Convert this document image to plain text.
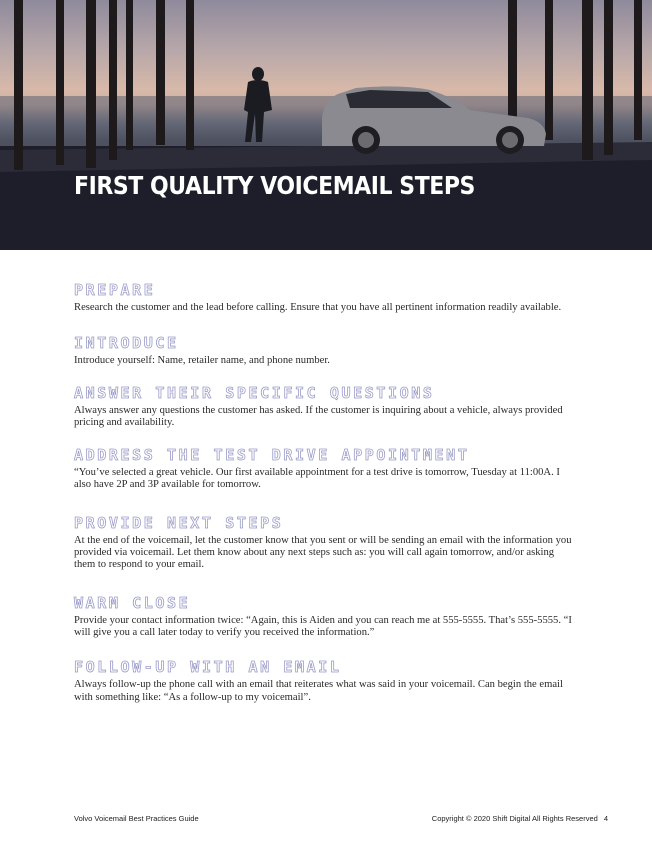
FIRST QUALITY VOICEMAIL STEPS
PREPARE

Research the customer and the lead before calling. Ensure that you have all pertinent information readily available.

INTRODUCE

Introduce yourself: Name, retailer name, and phone number.

ANSWER THEIR SPECIFIC QUESTIONS

Always answer any questions the customer has asked. If the customer is inquiring about a vehicle, always provided pricing and availability.

ADDRESS THE TEST DRIVE APPOINTMENT

“You’ve selected a great vehicle. Our first available appointment for a test drive is tomorrow, Tuesday at 11:00A. I also have 2P and 3P available for tomorrow.

PROVIDE NEXT STEPS

At the end of the voicemail, let the customer know that you sent or will be sending an email with the information you provided via voicemail. Let them know about any next steps such as: you will call again tomorrow, and/or asking them to respond to your email.

WARM CLOSE

Provide your contact information twice: “Again, this is Aiden and you can reach me at 555-5555. That’s 555-5555. “I will give you a call later today to verify you received the information.”

FOLLOW-UP WITH AN EMAIL

Always follow-up the phone call with an email that reiterates what was said in your voicemail. Can begin the email with something like: “As a follow-up to my voicemail”.

Volvo Voicemail Best Practices Guide	Copyright © 2020 Shift Digital All Rights Reserved 4
